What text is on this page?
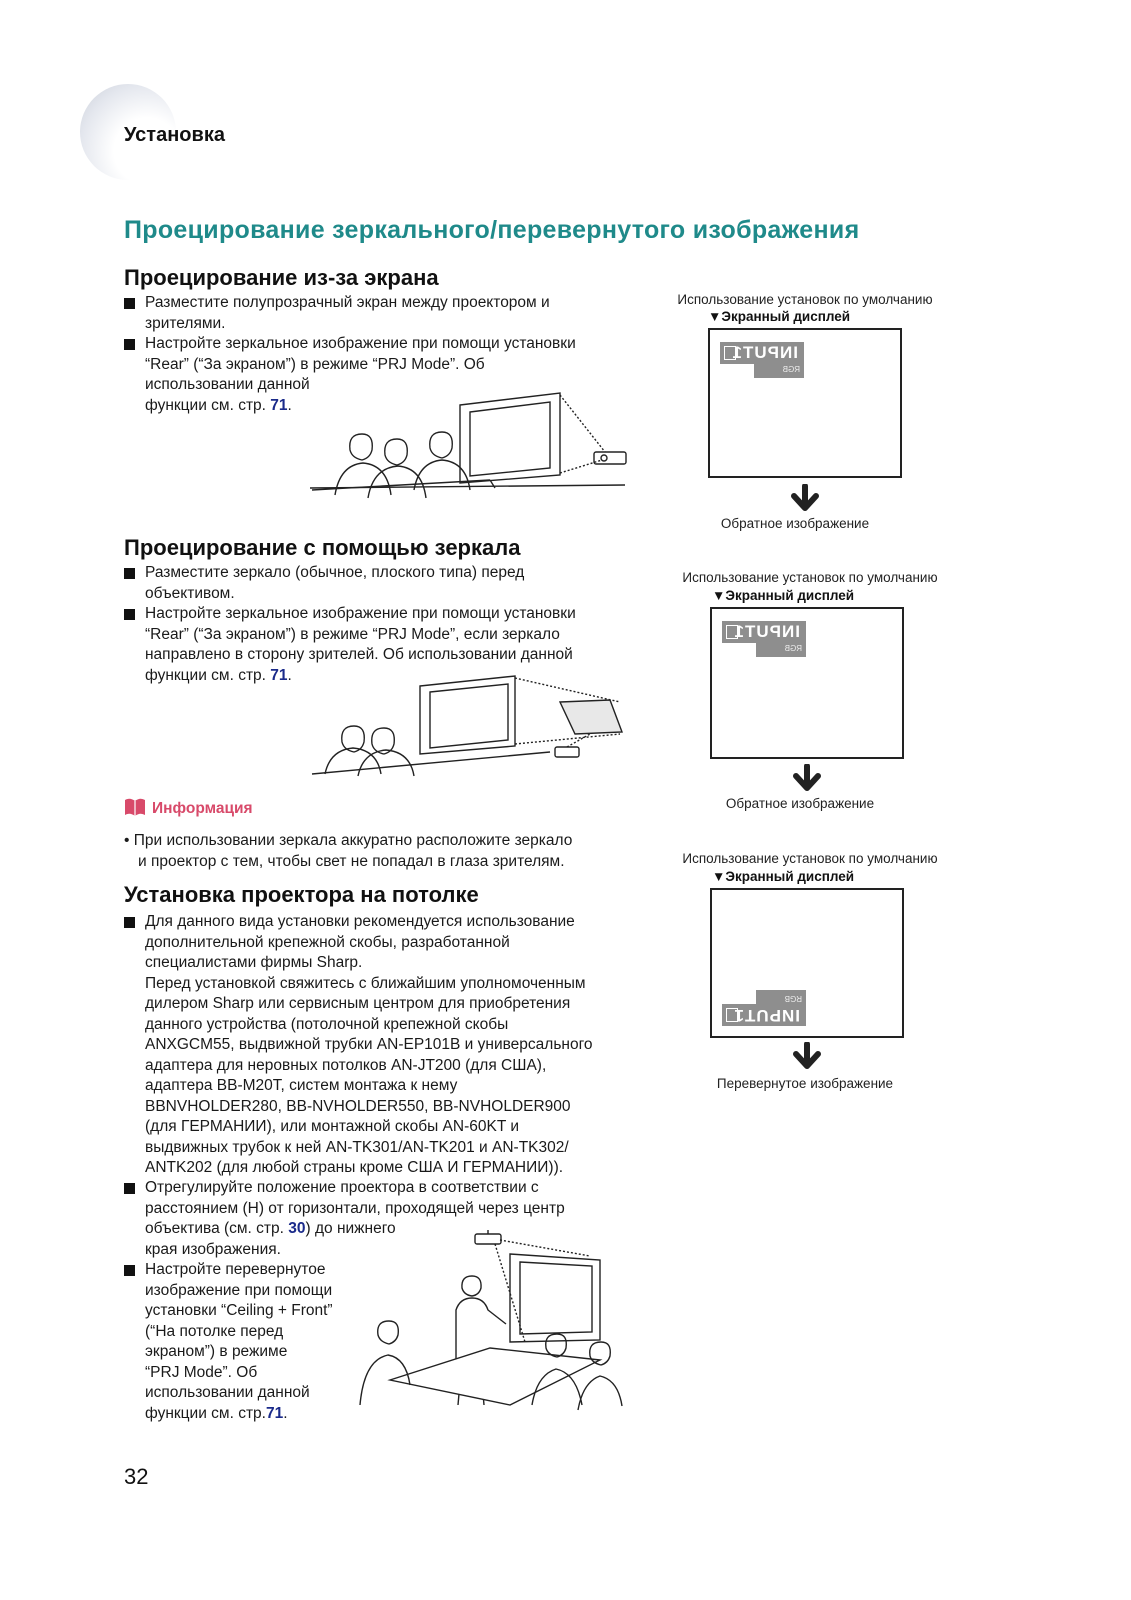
Установка
Проецирование зеркального/перевернутого изображения
Проецирование из-за экрана
Разместите полупрозрачный экран между проектором и
зрителями.
Настройте зеркальное изображение при помощи установки
“Rear” (“За экраном”) в режиме “PRJ Mode”. Об
использовании данной
функции см. стр. 71.
Использование установок по умолчанию
▼Экранный дисплей
INPUT1
RGB
Обратное изображение
Проецирование с помощью зеркала
Разместите зеркало (обычное, плоского типа) перед
объективом.
Настройте зеркальное изображение при помощи установки
“Rear” (“За экраном”) в режиме “PRJ Mode”, если зеркало
направлено в сторону зрителей. Об использовании данной
функции см. стр. 71.
Использование установок по умолчанию
▼Экранный дисплей
INPUT1
RGB
Обратное изображение
Информация
• При использовании зеркала аккуратно расположите зеркало
и проектор с тем, чтобы свет не попадал в глаза зрителям.
Установка проектора на потолке
Для данного вида установки рекомендуется использование
дополнительной крепежной скобы, разработанной
специалистами фирмы Sharp.
Перед установкой свяжитесь с ближайшим уполномоченным
дилером Sharp или сервисным центром для приобретения
данного устройства (потолочной крепежной скобы
ANXGCM55, выдвижной трубки AN-EP101B и универсального
адаптера для неровных потолков AN-JT200 (для США),
адаптера BB-M20T, систем монтажа к нему
BBNVHOLDER280, BB-NVHOLDER550, BB-NVHOLDER900
(для ГЕРМАНИИ), или монтажной скобы AN-60KT и
выдвижных трубок к ней AN-TK301/AN-TK201 и AN-TK302/
ANTK202 (для любой страны кроме США И ГЕРМАНИИ)).
Отрегулируйте положение проектора в соответствии с
расстоянием (H) от горизонтали, проходящей через центр
объектива (см. стр. 30) до нижнего
края изображения.
Настройте перевернутое
изображение при помощи
установки “Ceiling + Front”
(“На потолке перед
экраном”) в режиме
“PRJ Mode”. Об
использовании данной
функции см. стр.71.
Использование установок по умолчанию
▼Экранный дисплей
INPUT1
RGB
Перевернутое изображение
32
